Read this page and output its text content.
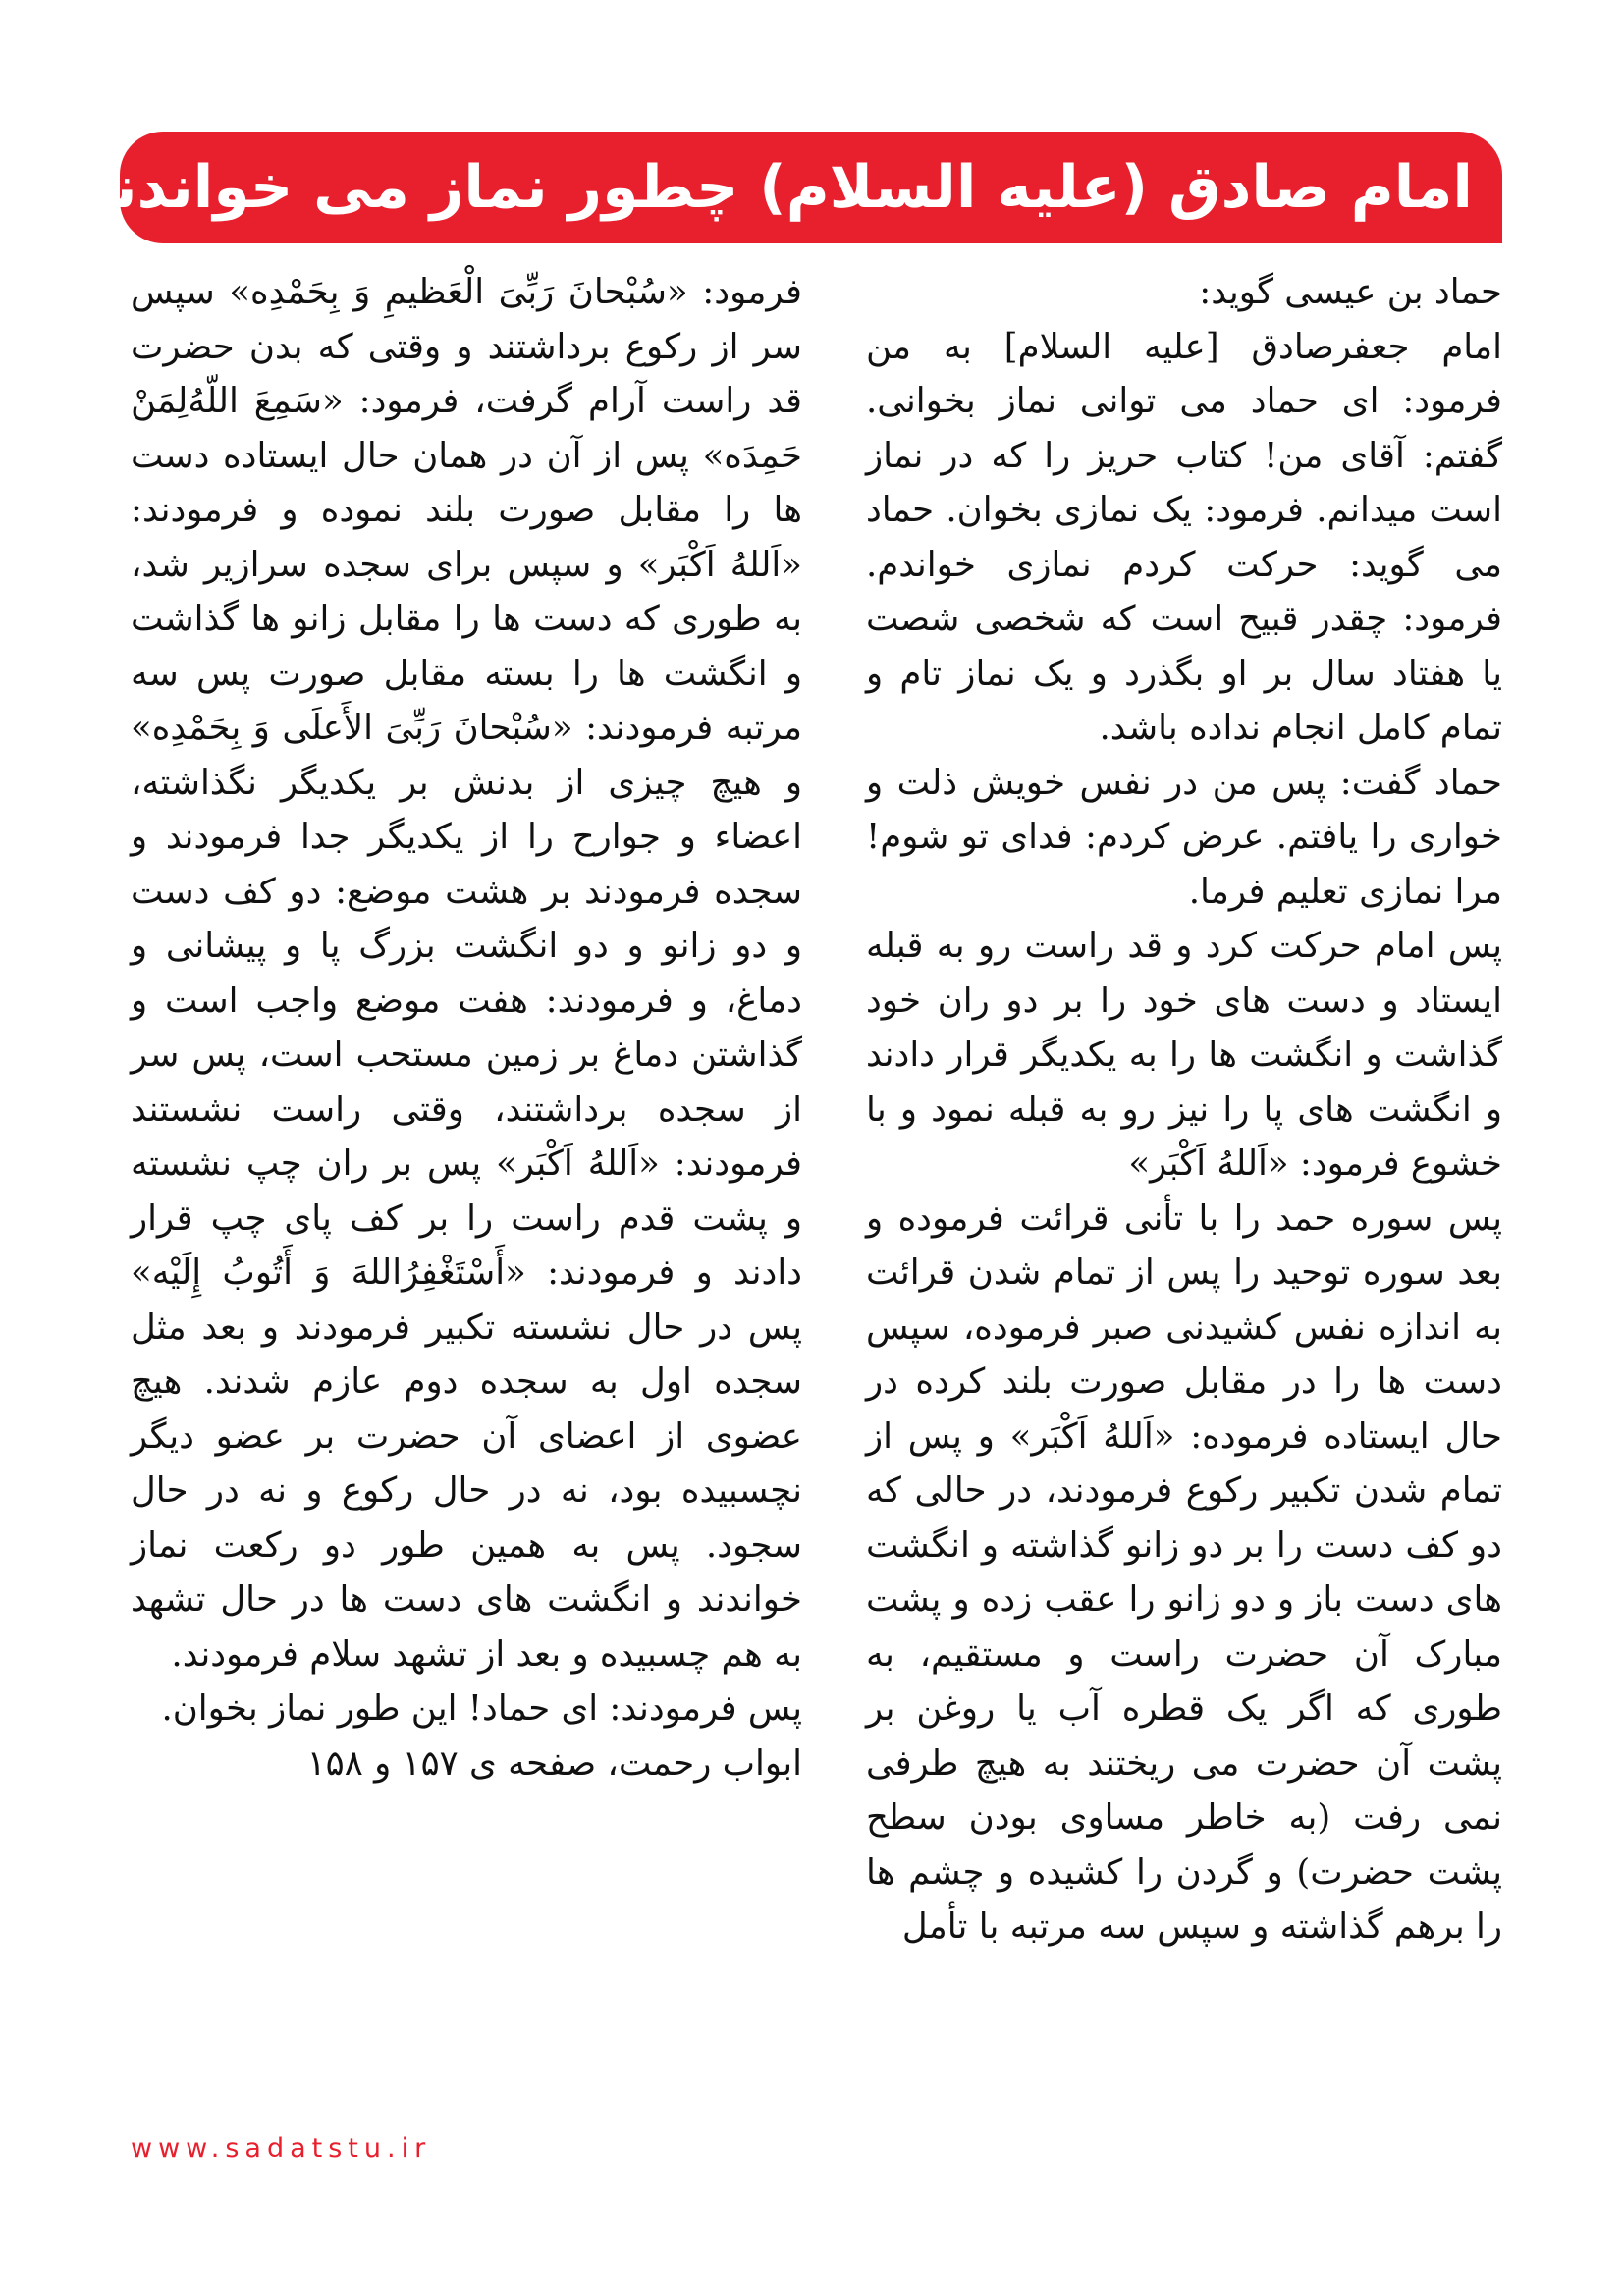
امام صادق (علیه السلام) چطور نماز می خواندند؟

حماد بن عیسی گوید:

امام جعفرصادق [علیه السلام] به من فرمود: ای حماد می توانی نماز بخوانی. گفتم: آقای من! کتاب حریز را که در نماز است میدانم. فرمود: یک نمازی بخوان. حماد می گوید: حرکت کردم نمازی خواندم. فرمود: چقدر قبیح است که شخصی شصت یا هفتاد سال بر او بگذرد و یک نماز تام و تمام کامل انجام نداده باشد.

حماد گفت: پس من در نفس خویش ذلت و خواری را یافتم. عرض کردم: فدای تو شوم! مرا نمازی تعلیم فرما.

پس امام حرکت کرد و قد راست رو به قبله ایستاد و دست های خود را بر دو ران خود گذاشت و انگشت ها را به یکدیگر قرار دادند و انگشت های پا را نیز رو به قبله نمود و با خشوع فرمود: «اَللهُ اَکْبَر»

پس سوره حمد را با تأنی قرائت فرموده و بعد سوره توحید را پس از تمام شدن قرائت به اندازه نفس کشیدنی صبر فرموده، سپس دست ها را در مقابل صورت بلند کرده در حال ایستاده فرموده: «اَللهُ اَکْبَر» و پس از تمام شدن تکبیر رکوع فرمودند، در حالی که دو کف دست را بر دو زانو گذاشته و انگشت های دست باز و دو زانو را عقب زده و پشت مبارک آن حضرت راست و مستقیم، به طوری که اگر یک قطره آب یا روغن بر پشت آن حضرت می ریختند به هیچ طرفی نمی رفت (به خاطر مساوی بودن سطح پشت حضرت) و گردن را کشیده و چشم ها را برهم گذاشته و سپس سه مرتبه با تأمل

فرمود: «سُبْحانَ رَبِّیَ الْعَظیمِ وَ بِحَمْدِه» سپس سر از رکوع برداشتند و وقتی که بدن حضرت قد راست آرام گرفت، فرمود: «سَمِعَ اللّه‌ُلِمَنْ حَمِدَه» پس از آن در همان حال ایستاده دست ها را مقابل صورت بلند نموده و فرمودند: «اَللهُ اَکْبَر» و سپس برای سجده سرازیر شد، به طوری که دست ها را مقابل زانو ها گذاشت و انگشت ها را بسته مقابل صورت پس سه مرتبه فرمودند: «سُبْحانَ رَبِّیَ الأَعلَی وَ بِحَمْدِه» و هیچ چیزی از بدنش بر یکدیگر نگذاشته، اعضاء و جوارح را از یکدیگر جدا فرمودند و سجده فرمودند بر هشت موضع: دو کف دست و دو زانو و دو انگشت بزرگ پا و پیشانی و دماغ، و فرمودند: هفت موضع واجب است و گذاشتن دماغ بر زمین مستحب است، پس سر از سجده برداشتند، وقتی راست نشستند فرمودند: «اَللهُ اَکْبَر» پس بر ران چپ نشسته و پشت قدم راست را بر کف پای چپ قرار دادند و فرمودند: «أَسْتَغْفِرُاللهَ وَ أَتُوبُ إِلَیْه» پس در حال نشسته تکبیر فرمودند و بعد مثل سجده اول به سجده دوم عازم شدند. هیچ عضوی از اعضای آن حضرت بر عضو دیگر نچسبیده بود، نه در حال رکوع و نه در حال سجود. پس به همین طور دو رکعت نماز خواندند و انگشت های دست ها در حال تشهد به هم چسبیده و بعد از تشهد سلام فرمودند.

پس فرمودند: ای حماد! این طور نماز بخوان.

ابواب رحمت، صفحه ی ۱۵۷ و ۱۵۸

www.sadatstu.ir
